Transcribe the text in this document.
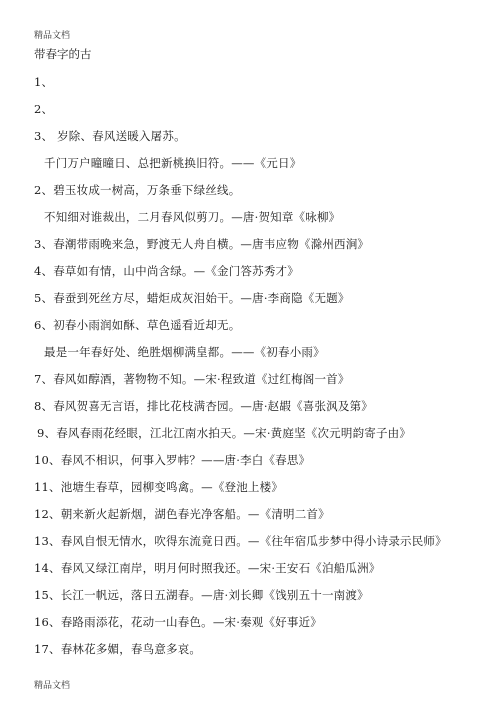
精品文档
带春字的古
1、
2、
3、 岁除、春风送暖入屠苏。
千门万户曈曈日、总把新桃换旧符。——《元日》
2、碧玉妆成一树高，万条垂下绿丝线。
不知细对谁裁出，二月春风似剪刀。—唐·贺知章《咏柳》
3、春潮带雨晚来急，野渡无人舟自横。—唐韦应物《滁州西涧》
4、春草如有情，山中尚含绿。—《金门答苏秀才》
5、春蚕到死丝方尽，蜡炬成灰泪始干。—唐·李商隐《无题》
6、初春小雨润如酥、草色遥看近却无。
最是一年春好处、绝胜烟柳满皇都。——《初春小雨》
7、春风如醇酒，著物物不知。—宋·程致道《过红梅阁一首》
8、春风贺喜无言语，排比花枝满杏园。—唐·赵嘏《喜张沨及第》
9、春风春雨花经眼，江北江南水拍天。—宋·黄庭坚《次元明韵寄子由》
10、春风不相识，何事入罗帏？——唐·李白《春思》
11、池塘生春草，园柳变鸣禽。—《登池上楼》
12、朝来新火起新烟，湖色春光净客船。—《清明二首》
13、春风自恨无情水，吹得东流竟日西。—《往年宿瓜步梦中得小诗录示民师》
14、春风又绿江南岸，明月何时照我还。—宋·王安石《泊船瓜洲》
15、长江一帆远，落日五湖春。—唐·刘长卿《饯别五十一南渡》
16、春路雨添花，花动一山春色。—宋·秦观《好事近》
17、春林花多媚，春鸟意多哀。
精品文档
